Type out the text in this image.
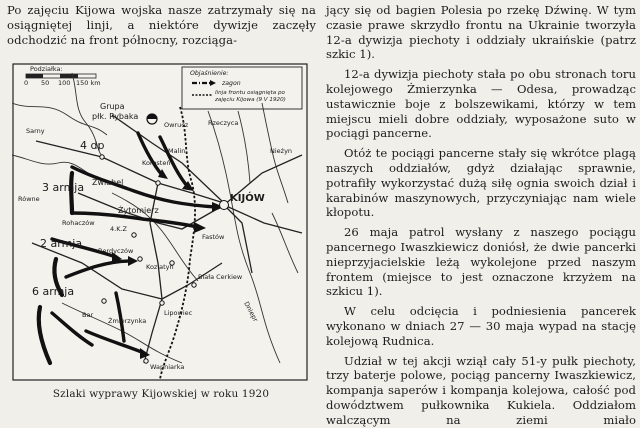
Po zajęciu Kijowa wojska nasze zatrzymały się na osiągniętej linji, a niektóre dywizje zaczęły odchodzić na front północny, rozciąga-

Podziałka:
0 50 100 150 km
Objaśnienie:
zagon
linja frontu osiągnięta po zajęciu Kijowa (9 V 1920)
Grupa
płk. Rybaka
4 dp
3 armja
2 armja
6 armja
KIJÓW
Korosteń
Zwiahel
Żytomierz
Berdyczów
Koziatyn
Biała Cerkiew
Lipowiec
Żmierzynka
Bar
Wapniarka
Sarny
Równe
Rohaczów
Malin
Owrucz	Rzeczyca
Nieżyn
Fastów
4.K.Z
Dniepr

Szlaki wyprawy Kijowskiej w roku 1920

jący się od bagien Polesia po rzekę Dźwinę. W tym czasie prawe skrzydło frontu na Ukrainie tworzyła 12-a dywizja piechoty i oddziały ukraińskie (patrz szkic 1).

12-a dywizja piechoty stała po obu stronach toru kolejowego Żmierzynka — Odesa, prowadząc ustawicznie boje z bolszewikami, którzy w tem miejscu mieli dobre oddziały, wyposażone suto w pociągi pancerne.

Otóż te pociągi pancerne stały się wkrótce plagą naszych oddziałów, gdyż działając sprawnie, potrafiły wykorzystać dużą siłę ognia swoich dział i karabinów maszynowych, przyczyniając nam wiele kłopotu.

26 maja patrol wysłany z naszego pociągu pancernego Iwaszkiewicz doniósł, że dwie pancerki nieprzyjacielskie leżą wykolejone przed naszym frontem (miejsce to jest oznaczone krzyżem na szkicu 1).

W celu odcięcia i podniesienia pancerek wykonano w dniach 27 — 30 maja wypad na stację kolejową Rudnica.

Udział w tej akcji wziął cały 51-y pułk piechoty, trzy baterje polowe, pociąg pancerny Iwaszkiewicz, kompanja saperów i kompanja kolejowa, całość pod dowództwem pułkownika Kukiela. Oddziałom walczącym na ziemi miało
